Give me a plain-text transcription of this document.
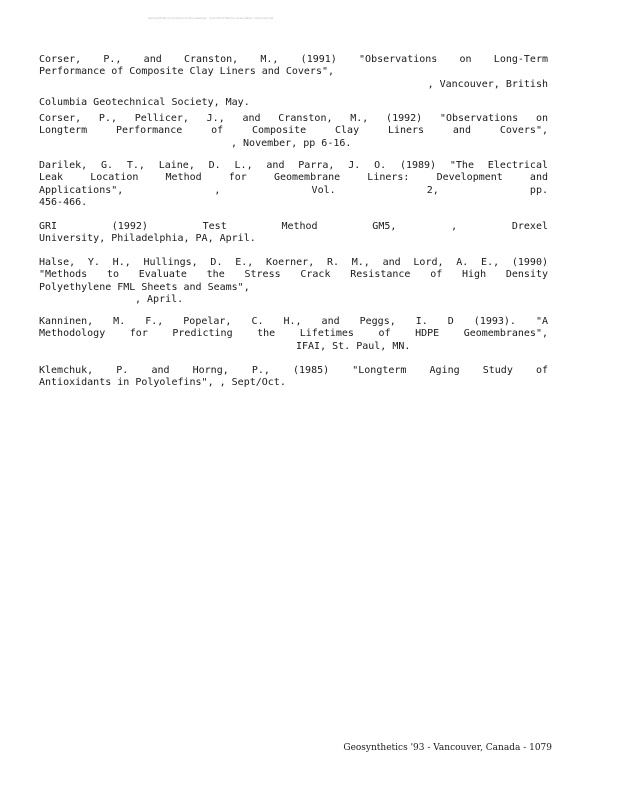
Geosynthetics Conference Proceedings - Industrial Fabrics Association International
Corser, P., and Cranston, M., (1991) "Observations on Long-Term
Performance of Composite Clay Liners and Covers",
, Vancouver, British
Columbia Geotechnical Society, May.
Corser, P., Pellicer, J., and Cranston, M., (1992) "Observations on
Longterm Performance of Composite Clay Liners and Covers",
, November, pp 6-16.
Darilek, G. T., Laine, D. L., and Parra, J. O. (1989) "The Electrical
Leak Location Method for Geomembrane Liners: Development and
Applications", , Vol. 2, pp.
456-466.
GRI (1992) Test Method GM5, , Drexel
University, Philadelphia, PA, April.
Halse, Y. H., Hullings, D. E., Koerner, R. M., and Lord, A. E., (1990)
"Methods to Evaluate the Stress Crack Resistance of High Density
Polyethylene FML Sheets and Seams",
, April.
Kanninen, M. F., Popelar, C. H., and Peggs, I. D (1993). "A
Methodology for Predicting the Lifetimes of HDPE Geomembranes",
IFAI, St. Paul, MN.
Klemchuk, P. and Horng, P., (1985) "Longterm Aging Study of
Antioxidants in Polyolefins", , Sept/Oct.
Geosynthetics '93 - Vancouver, Canada - 1079
